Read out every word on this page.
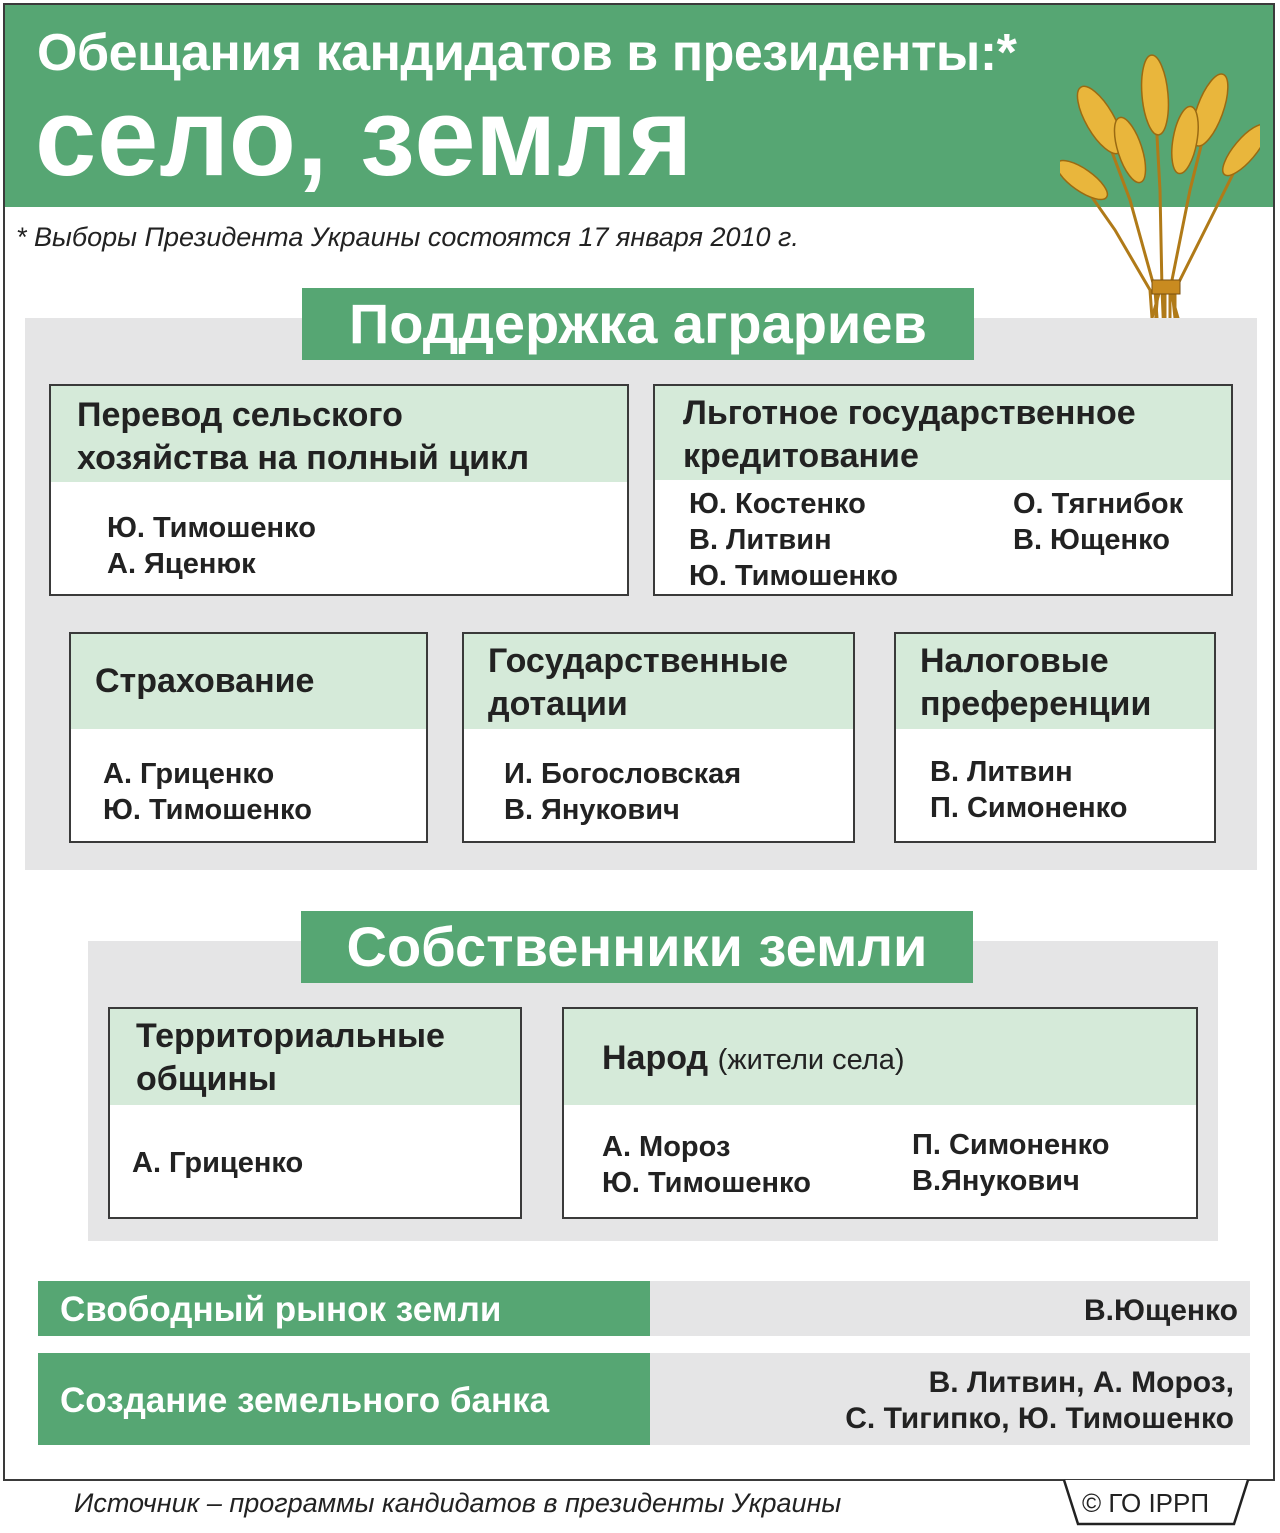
Обещания кандидатов в президенты:*
село, земля
* Выборы Президента Украины состоятся 17 января 2010 г.
Поддержка аграриев
Перевод сельского
хозяйства на полный цикл
Ю. Тимошенко
А. Яценюк
Льготное государственное
кредитование
Ю. Костенко
В. Литвин
Ю. Тимошенко
О. Тягнибок
В. Ющенко
Страхование
А. Гриценко
Ю. Тимошенко
Государственные
дотации
И. Богословская
В. Янукович
Налоговые
преференции
В. Литвин
П. Симоненко
Собственники земли
Территориальные
общины
А. Гриценко
Народ (жители села)
А. Мороз
Ю. Тимошенко
П. Симоненко
В.Янукович
Свободный рынок земли	В.Ющенко
Создание земельного банка	В. Литвин, А. Мороз,
С. Тигипко, Ю. Тимошенко
Источник – программы кандидатов в президенты Украины	© ГО ІРРП
